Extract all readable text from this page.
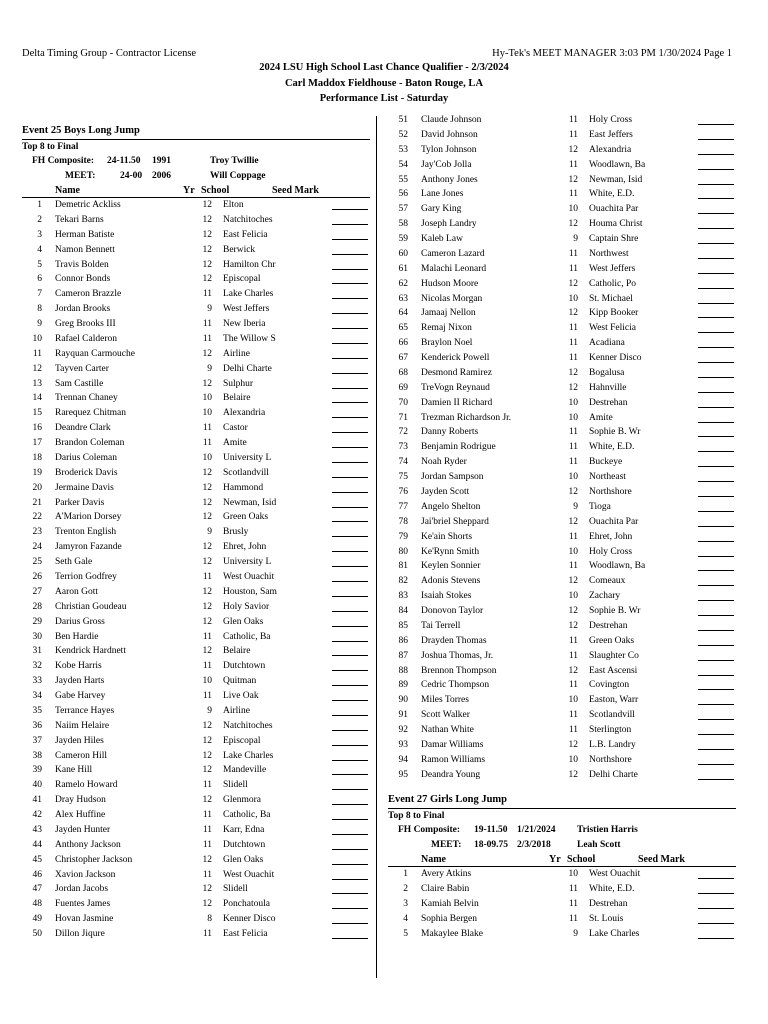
Delta Timing Group - Contractor License	Hy-Tek's MEET MANAGER 3:03 PM 1/30/2024 Page 1
2024 LSU High School Last Chance Qualifier - 2/3/2024
Carl Maddox Fieldhouse - Baton Rouge, LA
Performance List - Saturday
Event 25 Boys Long Jump
Top 8 to Final
FH Composite: 24-11.50 1991	Troy Twillie
MEET:	24-00 2006	Will Coppage
Name	Yr School	Seed Mark
1 Demetric Ackliss	12 Elton
2 Tekari Barns	12 Natchitoches
3 Herman Batiste	12 East Felicia
4 Namon Bennett	12 Berwick
5 Travis Bolden	12 Hamilton Chr
6 Connor Bonds	12 Episcopal
7 Cameron Brazzle	11 Lake Charles
8 Jordan Brooks	9 West Jeffers
9 Greg Brooks III	11 New Iberia
10 Rafael Calderon	11 The Willow S
11 Rayquan Carmouche	12 Airline
12 Tayven Carter	9 Delhi Charte
13 Sam Castille	12 Sulphur
14 Trennan Chaney	10 Belaire
15 Rarequez Chitman	10 Alexandria
16 Deandre Clark	11 Castor
17 Brandon Coleman	11 Amite
18 Darius Coleman	10 University L
19 Broderick Davis	12 Scotlandvill
20 Jermaine Davis	12 Hammond
21 Parker Davis	12 Newman, Isid
22 A'Marion Dorsey	12 Green Oaks
23 Trenton English	9 Brusly
24 Jamyron Fazande	12 Ehret, John
25 Seth Gale	12 University L
26 Terrion Godfrey	11 West Ouachit
27 Aaron Gott	12 Houston, Sam
28 Christian Goudeau	12 Holy Savior
29 Darius Gross	12 Glen Oaks
30 Ben Hardie	11 Catholic, Ba
31 Kendrick Hardnett	12 Belaire
32 Kobe Harris	11 Dutchtown
33 Jayden Harts	10 Quitman
34 Gabe Harvey	11 Live Oak
35 Terrance Hayes	9 Airline
36 Naiim Helaire	12 Natchitoches
37 Jayden Hiles	12 Episcopal
38 Cameron Hill	12 Lake Charles
39 Kane Hill	12 Mandeville
40 Ramelo Howard	11 Slidell
41 Dray Hudson	12 Glenmora
42 Alex Huffine	11 Catholic, Ba
43 Jayden Hunter	11 Karr, Edna
44 Anthony Jackson	11 Dutchtown
45 Christopher Jackson	12 Glen Oaks
46 Xavion Jackson	11 West Ouachit
47 Jordan Jacobs	12 Slidell
48 Fuentes James	12 Ponchatoula
49 Hovan Jasmine	8 Kenner Disco
50 Dillon Jiqure	11 East Felicia
51 Claude Johnson	11 Holy Cross
52 David Johnson	11 East Jeffers
53 Tylon Johnson	12 Alexandria
54 Jay'Cob Jolla	11 Woodlawn, Ba
55 Anthony Jones	12 Newman, Isid
56 Lane Jones	11 White, E.D.
57 Gary King	10 Ouachita Par
58 Joseph Landry	12 Houma Christ
59 Kaleb Law	9 Captain Shre
60 Cameron Lazard	11 Northwest
61 Malachi Leonard	11 West Jeffers
62 Hudson Moore	12 Catholic, Po
63 Nicolas Morgan	10 St. Michael
64 Jamaaj Nellon	12 Kipp Booker
65 Remaj Nixon	11 West Felicia
66 Braylon Noel	11 Acadiana
67 Kenderick Powell	11 Kenner Disco
68 Desmond Ramirez	12 Bogalusa
69 TreVogn Reynaud	12 Hahnville
70 Damien II Richard	10 Destrehan
71 Trezman Richardson Jr.	10 Amite
72 Danny Roberts	11 Sophie B. Wr
73 Benjamin Rodrigue	11 White, E.D.
74 Noah Ryder	11 Buckeye
75 Jordan Sampson	10 Northeast
76 Jayden Scott	12 Northshore
77 Angelo Shelton	9 Tioga
78 Jai'briel Sheppard	12 Ouachita Par
79 Ke'ain Shorts	11 Ehret, John
80 Ke'Rynn Smith	10 Holy Cross
81 Keylen Sonnier	11 Woodlawn, Ba
82 Adonis Stevens	12 Comeaux
83 Isaiah Stokes	10 Zachary
84 Donovon Taylor	12 Sophie B. Wr
85 Tai Terrell	12 Destrehan
86 Drayden Thomas	11 Green Oaks
87 Joshua Thomas, Jr.	11 Slaughter Co
88 Brennon Thompson	12 East Ascensi
89 Cedric Thompson	11 Covington
90 Miles Torres	10 Easton, Warr
91 Scott Walker	11 Scotlandvill
92 Nathan White	11 Sterlington
93 Damar Williams	12 L.B. Landry
94 Ramon Williams	10 Northshore
95 Deandra Young	12 Delhi Charte
Event 27 Girls Long Jump
Top 8 to Final
FH Composite: 19-11.50 1/21/2024 Tristien Harris
MEET: 18-09.75 2/3/2018	Leah Scott
Name	Yr School	Seed Mark
1 Avery Atkins	10 West Ouachit
2 Claire Babin	11 White, E.D.
3 Kamiah Belvin	11 Destrehan
4 Sophia Bergen	11 St. Louis
5 Makaylee Blake	9 Lake Charles
